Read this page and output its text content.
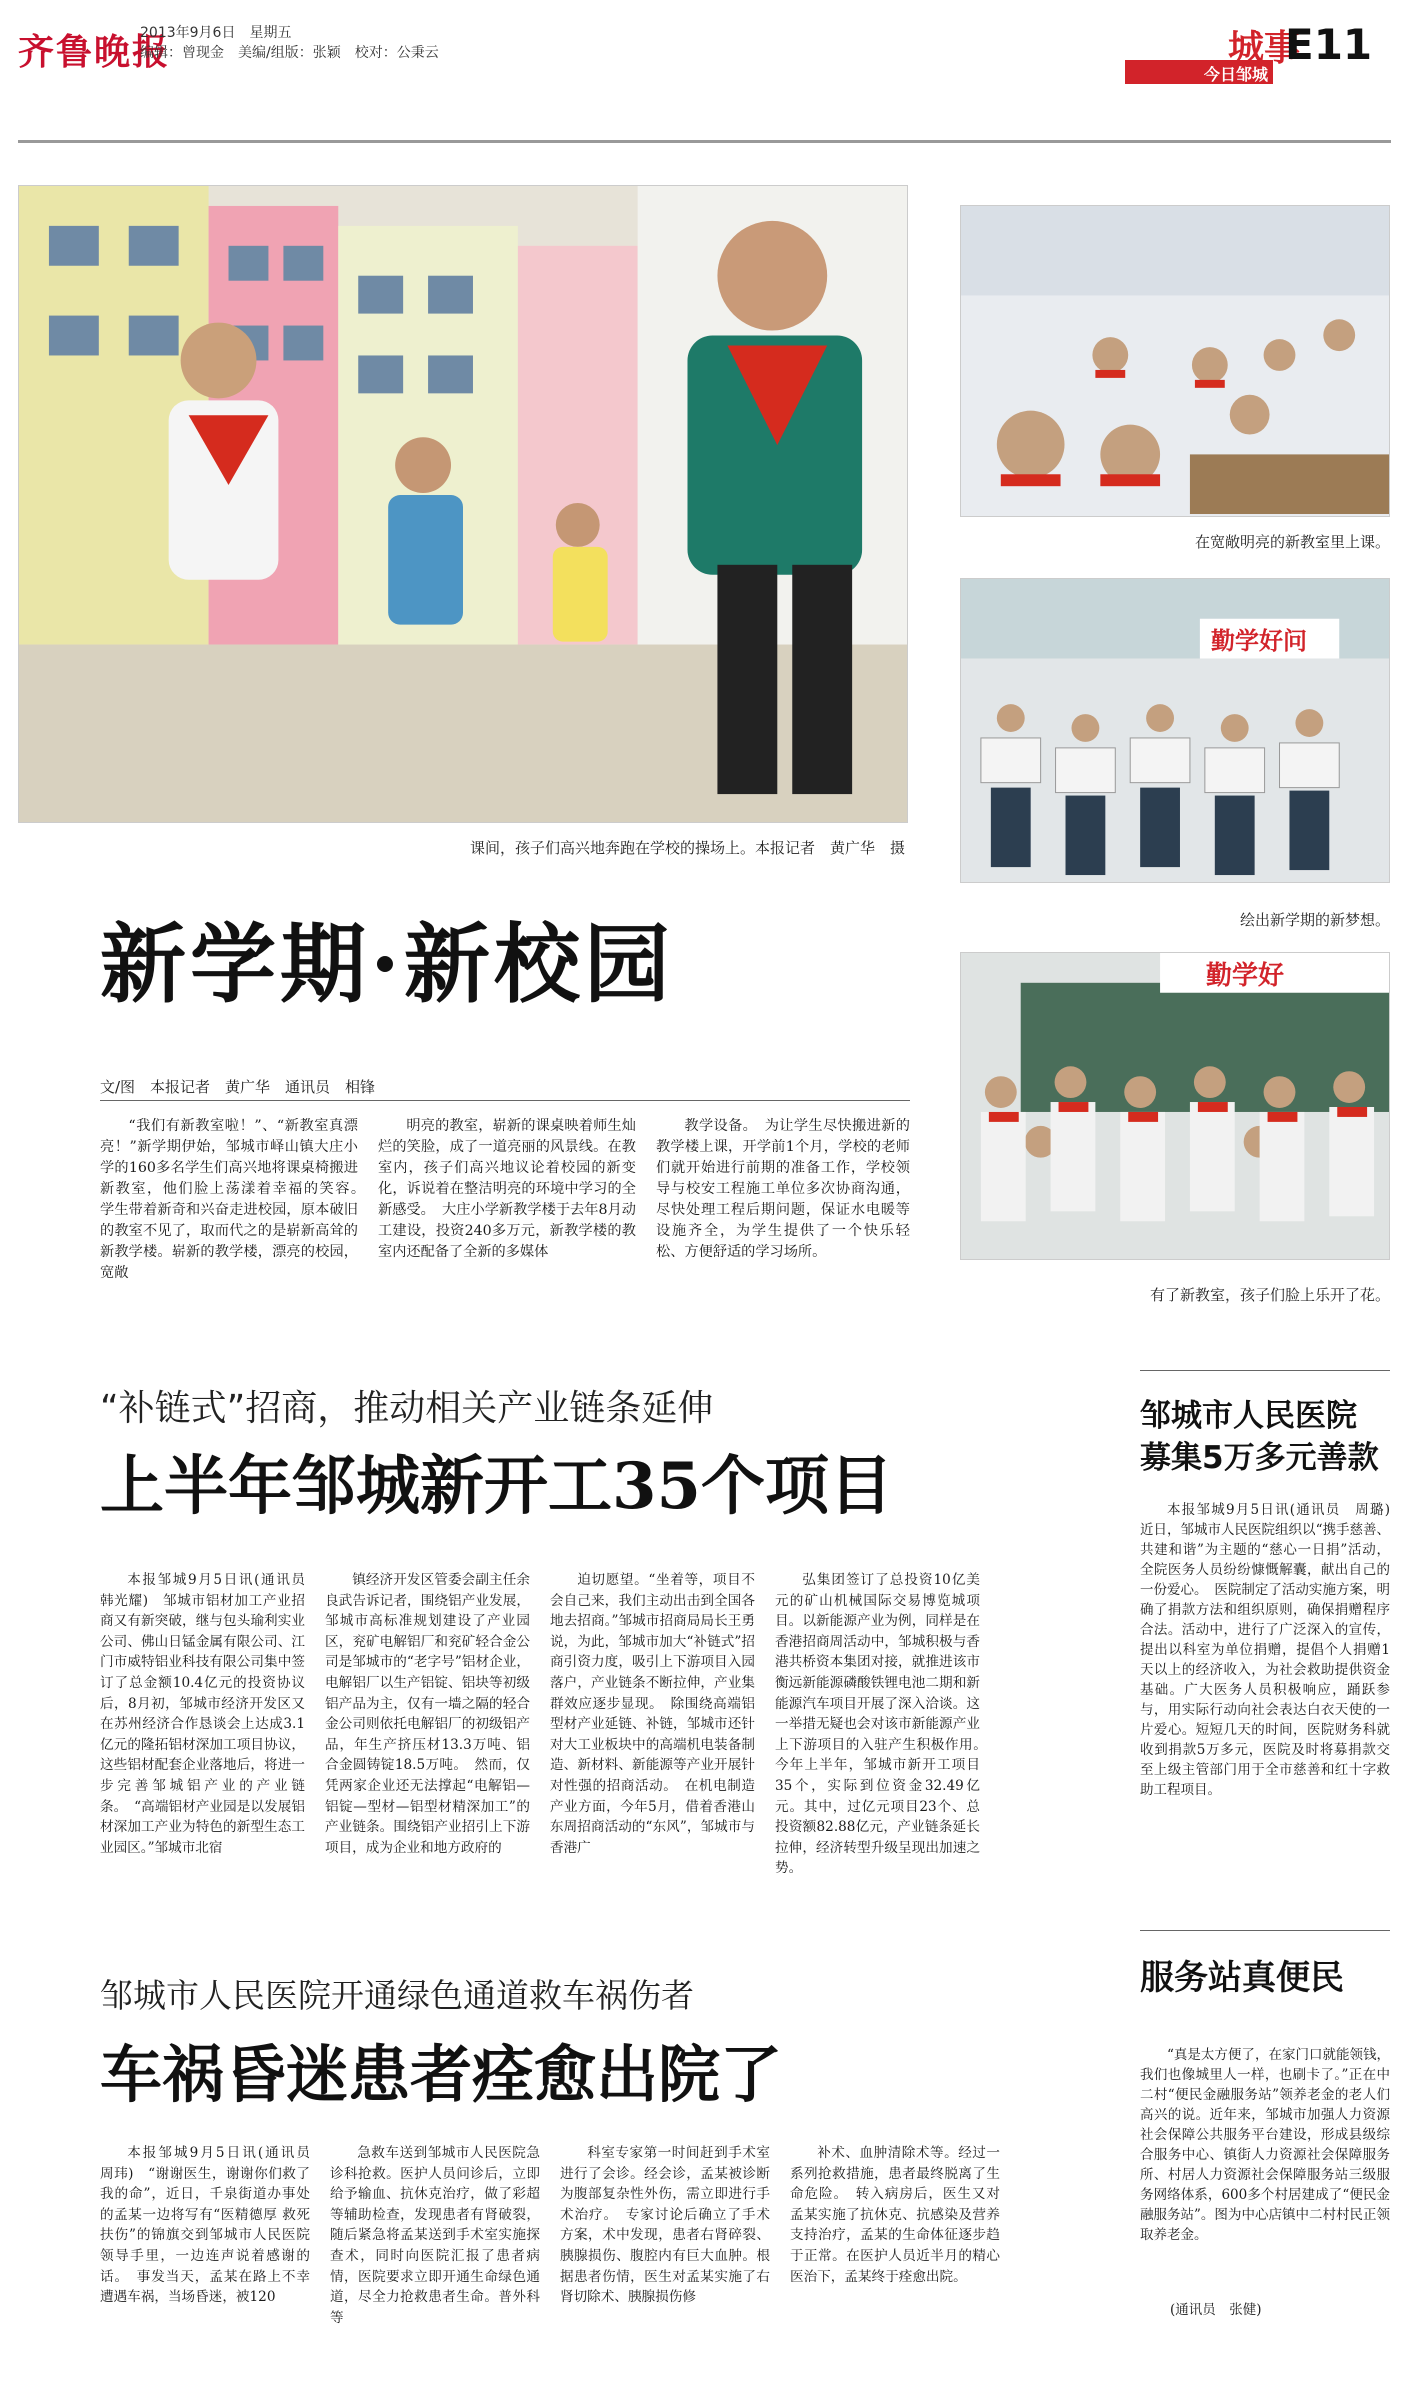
齐鲁晚报
2013年9月6日　星期五
编辑：曾现金　美编/组版：张颖　校对：公秉云	城事
今日邹城
E11
课间，孩子们高兴地奔跑在学校的操场上。本报记者　黄广华　摄
在宽敞明亮的新教室里上课。
勤学好问
绘出新学期的新梦想。
勤学好
有了新教室，孩子们脸上乐开了花。
新学期·新校园
文/图　本报记者　黄广华　通讯员　相锋

“我们有新教室啦！”、“新教室真漂亮！”新学期伊始，邹城市峄山镇大庄小学的160多名学生们高兴地将课桌椅搬进新教室，他们脸上荡漾着幸福的笑容。　学生带着新奇和兴奋走进校园，原本破旧的教室不见了，取而代之的是崭新高耸的新教学楼。崭新的教学楼，漂亮的校园，宽敞

明亮的教室，崭新的课桌映着师生灿烂的笑脸，成了一道亮丽的风景线。在教室内，孩子们高兴地议论着校园的新变化，诉说着在整洁明亮的环境中学习的全新感受。　大庄小学新教学楼于去年8月动工建设，投资240多万元，新教学楼的教室内还配备了全新的多媒体

教学设备。　为让学生尽快搬进新的教学楼上课，开学前1个月，学校的老师们就开始进行前期的准备工作，学校领导与校安工程施工单位多次协商沟通，尽快处理工程后期问题，保证水电暖等设施齐全，为学生提供了一个快乐轻松、方便舒适的学习场所。

“补链式”招商，推动相关产业链条延伸
上半年邹城新开工35个项目

本报邹城9月5日讯(通讯员　韩光耀)　邹城市铝材加工产业招商又有新突破，继与包头瑜利实业公司、佛山日锰金属有限公司、江门市威特铝业科技有限公司集中签订了总金额10.4亿元的投资协议后，8月初，邹城市经济开发区又在苏州经济合作恳谈会上达成3.1亿元的隆拓铝材深加工项目协议，这些铝材配套企业落地后，将进一步完善邹城铝产业的产业链条。　“高端铝材产业园是以发展铝材深加工产业为特色的新型生态工业园区。”邹城市北宿

镇经济开发区管委会副主任余良武告诉记者，围绕铝产业发展，邹城市高标准规划建设了产业园区，兖矿电解铝厂和兖矿轻合金公司是邹城市的“老字号”铝材企业，电解铝厂以生产铝锭、铝块等初级铝产品为主，仅有一墙之隔的轻合金公司则依托电解铝厂的初级铝产品，年生产挤压材13.3万吨、铝合金圆铸锭18.5万吨。　然而，仅凭两家企业还无法撑起“电解铝—铝锭—型材—铝型材精深加工”的产业链条。围绕铝产业招引上下游项目，成为企业和地方政府的

迫切愿望。“坐着等，项目不会自己来，我们主动出击到全国各地去招商。”邹城市招商局局长王勇说，为此，邹城市加大“补链式”招商引资力度，吸引上下游项目入园落户，产业链条不断拉伸，产业集群效应逐步显现。　除围绕高端铝型材产业延链、补链，邹城市还针对大工业板块中的高端机电装备制造、新材料、新能源等产业开展针对性强的招商活动。　在机电制造产业方面，今年5月，借着香港山东周招商活动的“东风”，邹城市与香港广

弘集团签订了总投资10亿美元的矿山机械国际交易博览城项目。以新能源产业为例，同样是在香港招商周活动中，邹城积极与香港共桥资本集团对接，就推进该市衡远新能源磷酸铁锂电池二期和新能源汽车项目开展了深入洽谈。这一举措无疑也会对该市新能源产业上下游项目的入驻产生积极作用。　今年上半年，邹城市新开工项目35个，实际到位资金32.49亿元。其中，过亿元项目23个、总投资额82.88亿元，产业链条延长拉伸，经济转型升级呈现出加速之势。

邹城市人民医院
募集5万多元善款

本报邹城9月5日讯(通讯员　周璐)　近日，邹城市人民医院组织以“携手慈善、共建和谐”为主题的“慈心一日捐”活动，全院医务人员纷纷慷慨解囊，献出自己的一份爱心。　医院制定了活动实施方案，明确了捐款方法和组织原则，确保捐赠程序合法。活动中，进行了广泛深入的宣传，提出以科室为单位捐赠，提倡个人捐赠1天以上的经济收入，为社会救助提供资金基础。广大医务人员积极响应，踊跃参与，用实际行动向社会表达白衣天使的一片爱心。短短几天的时间，医院财务科就收到捐款5万多元，医院及时将募捐款交至上级主管部门用于全市慈善和红十字救助工程项目。

服务站真便民

“真是太方便了，在家门口就能领钱，我们也像城里人一样，也刷卡了。”正在中二村“便民金融服务站”领养老金的老人们高兴的说。近年来，邹城市加强人力资源社会保障公共服务平台建设，形成县级综合服务中心、镇街人力资源社会保障服务所、村居人力资源社会保障服务站三级服务网络体系，600多个村居建成了“便民金融服务站”。图为中心店镇中二村村民正领取养老金。

(通讯员　张健)
邹城市人民医院开通绿色通道救车祸伤者
车祸昏迷患者痊愈出院了

本报邹城9月5日讯(通讯员　周玮)　“谢谢医生，谢谢你们救了我的命”，近日，千泉街道办事处的孟某一边将写有“医精德厚 救死扶伤”的锦旗交到邹城市人民医院领导手里，一边连声说着感谢的话。　事发当天，孟某在路上不幸遭遇车祸，当场昏迷，被120

急救车送到邹城市人民医院急诊科抢救。医护人员问诊后，立即给予输血、抗休克治疗，做了彩超等辅助检查，发现患者有肾破裂，随后紧急将孟某送到手术室实施探查术，同时向医院汇报了患者病情，医院要求立即开通生命绿色通道，尽全力抢救患者生命。普外科等

科室专家第一时间赶到手术室进行了会诊。经会诊，孟某被诊断为腹部复杂性外伤，需立即进行手术治疗。　专家讨论后确立了手术方案，术中发现，患者右肾碎裂、胰腺损伤、腹腔内有巨大血肿。根据患者伤情，医生对孟某实施了右肾切除术、胰腺损伤修

补术、血肿清除术等。经过一系列抢救措施，患者最终脱离了生命危险。　转入病房后，医生又对孟某实施了抗休克、抗感染及营养支持治疗，孟某的生命体征逐步趋于正常。在医护人员近半月的精心医治下，孟某终于痊愈出院。
